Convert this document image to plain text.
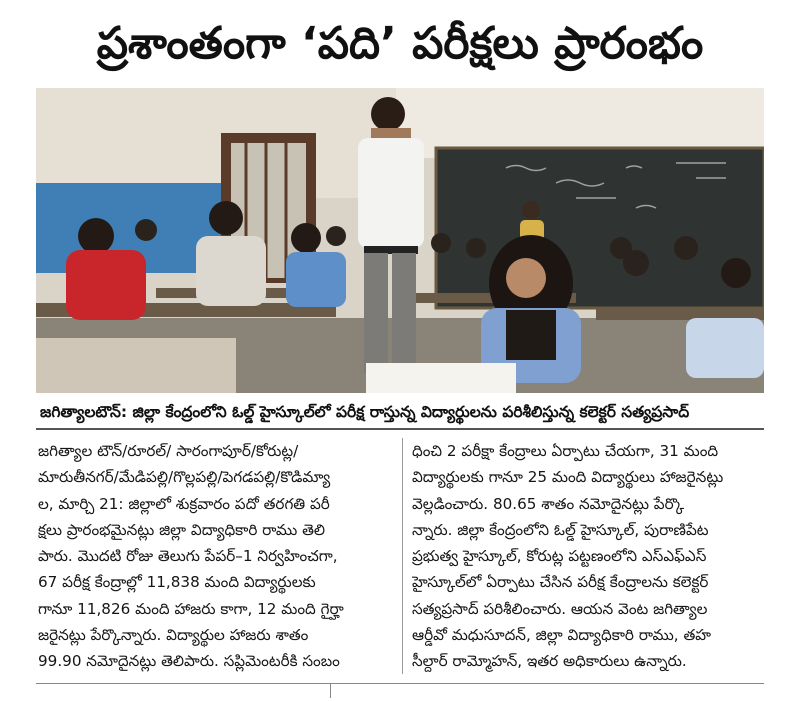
ప్రశాంతంగా ‘పది’ పరీక్షలు ప్రారంభం
జగిత్యాలటౌన్‌: జిల్లా కేంద్రంలోని ఓల్డ్‌ హైస్కూల్‌లో పరీక్ష రాస్తున్న విద్యార్థులను పరిశీలిస్తున్న కలెక్టర్‌ సత్యప్రసాద్‌
జగిత్యాల టౌన్‌/రూరల్‌/ సారంగాపూర్‌/కోరుట్ల/
మారుతీనగర్‌/మేడిపల్లి/గొల్లపల్లి/పెగడపల్లి/కొడిమ్యా
ల, మార్చి 21: జిల్లాలో శుక్రవారం పదో తరగతి పరీ
క్షలు ప్రారంభమైనట్లు జిల్లా విద్యాధికారి రాము తెలి
పారు. మొదటి రోజు తెలుగు పేపర్‌–1 నిర్వహించగా,
67 పరీక్ష కేంద్రాల్లో 11,838 మంది విద్యార్థులకు
గానూ 11,826 మంది హాజరు కాగా, 12 మంది గైర్హా
జరైనట్లు పేర్కొన్నారు. విద్యార్థుల హాజరు శాతం
99.90 నమోదైనట్లు తెలిపారు. సప్లిమెంటరీకి సంబం
ధించి 2 పరీక్షా కేంద్రాలు ఏర్పాటు చేయగా, 31 మంది
విద్యార్థులకు గానూ 25 మంది విద్యార్థులు హాజరైనట్లు
వెల్లడించారు. 80.65 శాతం నమోదైనట్లు పేర్కొ
న్నారు. జిల్లా కేంద్రంలోని ఓల్డ్‌ హైస్కూల్‌, పురాణిపేట
ప్రభుత్వ హైస్కూల్‌, కోరుట్ల పట్టణంలోని ఎస్‌ఎఫ్‌ఎస్‌
హైస్కూల్‌లో ఏర్పాటు చేసిన పరీక్ష కేంద్రాలను కలెక్టర్‌
సత్యప్రసాద్‌ పరిశీలించారు. ఆయన వెంట జగిత్యాల
ఆర్డీవో మధుసూదన్‌, జిల్లా విద్యాధికారి రాము, తహ
సీల్దార్‌ రామ్మోహన్‌, ఇతర అధికారులు ఉన్నారు.
